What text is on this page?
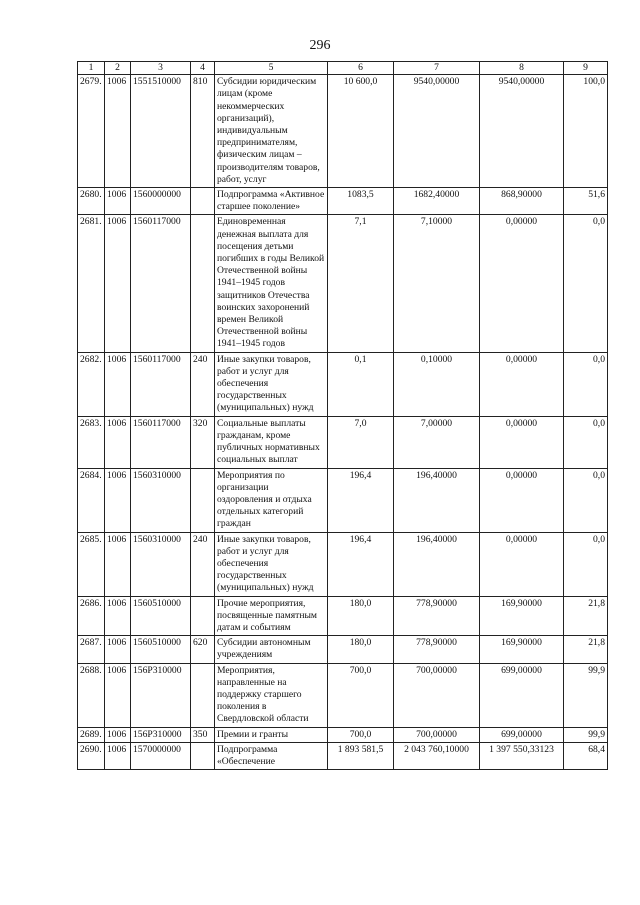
296
1	2	3	4	5	6	7	8	9
2679.	1006	1551510000	810	Субсидии юридическим лицам (кроме некоммерческих организаций), индивидуальным предпринимателям, физическим лицам – производителям товаров, работ, услуг	10 600,0	9540,00000	9540,00000	100,0
2680.	1006	1560000000		Подпрограмма «Активное старшее поколение»	1083,5	1682,40000	868,90000	51,6
2681.	1006	1560117000		Единовременная денежная выплата для посещения детьми погибших в годы Великой Отечественной войны 1941–1945 годов защитников Отечества воинских захоронений времен Великой Отечественной войны 1941–1945 годов	7,1	7,10000	0,00000	0,0
2682.	1006	1560117000	240	Иные закупки товаров, работ и услуг для обеспечения государственных (муниципальных) нужд	0,1	0,10000	0,00000	0,0
2683.	1006	1560117000	320	Социальные выплаты гражданам, кроме публичных нормативных социальных выплат	7,0	7,00000	0,00000	0,0
2684.	1006	1560310000		Мероприятия по организации оздоровления и отдыха отдельных категорий граждан	196,4	196,40000	0,00000	0,0
2685.	1006	1560310000	240	Иные закупки товаров, работ и услуг для обеспечения государственных (муниципальных) нужд	196,4	196,40000	0,00000	0,0
2686.	1006	1560510000		Прочие мероприятия, посвященные памятным датам и событиям	180,0	778,90000	169,90000	21,8
2687.	1006	1560510000	620	Субсидии автономным учреждениям	180,0	778,90000	169,90000	21,8
2688.	1006	156P310000		Мероприятия, направленные на поддержку старшего поколения в Свердловской области	700,0	700,00000	699,00000	99,9
2689.	1006	156P310000	350	Премии и гранты	700,0	700,00000	699,00000	99,9
2690.	1006	1570000000		Подпрограмма «Обеспечение	1 893 581,5	2 043 760,10000	1 397 550,33123	68,4
